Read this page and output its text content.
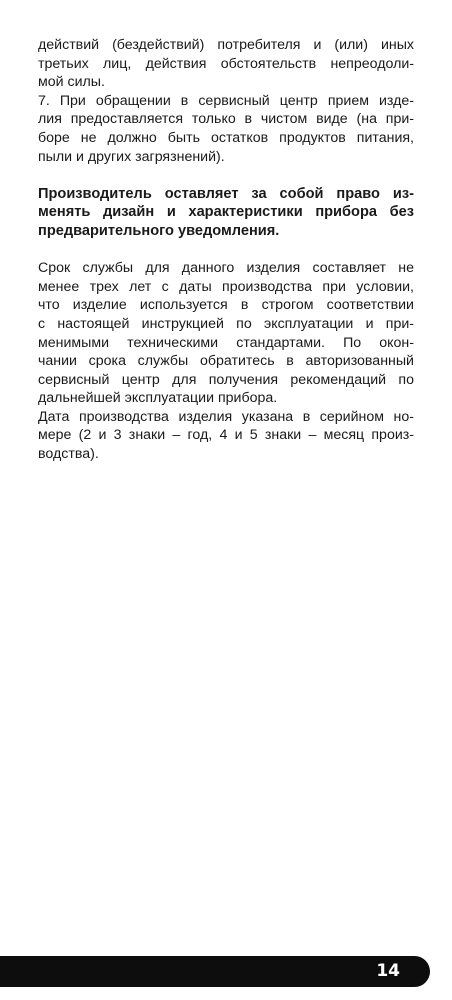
действий (бездействий) потребителя и (или) иных
третьих лиц, действия обстоятельств непреодоли-
мой силы.
7. При обращении в сервисный центр прием изде-
лия предоставляется только в чистом виде (на при-
боре не должно быть остатков продуктов питания,
пыли и других загрязнений).
Производитель оставляет за собой право из-
менять дизайн и характеристики прибора без
предварительного уведомления.
Срок службы для данного изделия составляет не
менее трех лет с даты производства при условии,
что изделие используется в строгом соответствии
с настоящей инструкцией по эксплуатации и при-
менимыми техническими стандартами. По окон-
чании срока службы обратитесь в авторизованный
сервисный центр для получения рекомендаций по
дальнейшей эксплуатации прибора.
Дата производства изделия указана в серийном но-
мере (2 и 3 знаки – год, 4 и 5 знаки – месяц произ-
водства).
14
